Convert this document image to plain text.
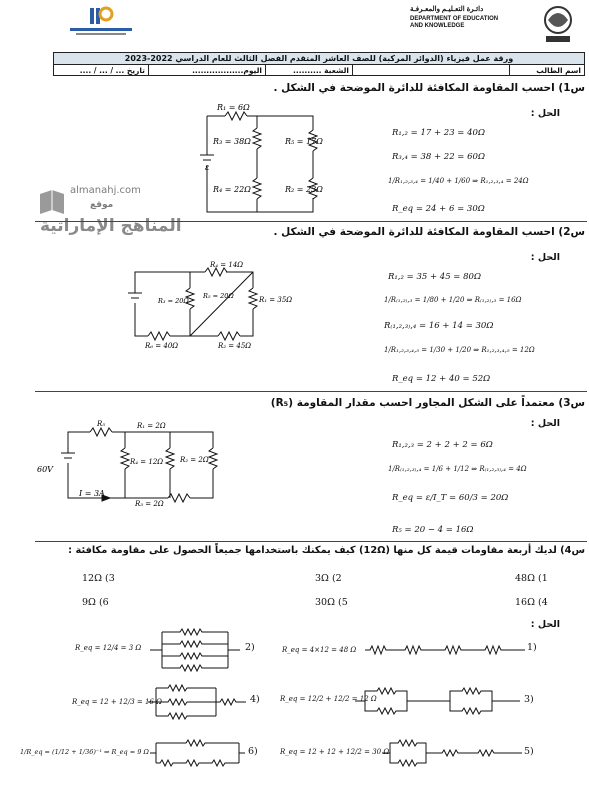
دائـرة التعـليـم والمعـرفـة
DEPARTMENT OF EDUCATION
AND KNOWLEDGE
ورقة عمل فيزياء (الدوائر المركبة) للصف العاشر المتقدم الفصل الثالث للعام الدراسي 2022-2023
اسم الطالب		الشعبة ..........	اليوم..................	تاريخ ... / ... / ....
almanahj.com
موقع
المناهج الإماراتية
س1) احسب المقاومة المكافئة للدائرة الموضحة في الشكل .
الحل :
ε
R₁ = 6Ω
R₃ = 38Ω
R₄ = 22Ω
R₅ = 17Ω
R₂ = 23Ω
R₁,₂ = 17 + 23 = 40Ω
R₃,₄ = 38 + 22 = 60Ω
1/R₁,₂,₃,₄ = 1/40 + 1/60 ⇒ R₁,₂,₃,₄ = 24Ω
R_eq = 24 + 6 = 30Ω
س2) احسب المقاومة المكافئة للدائرة الموضحة في الشكل .
الحل :
R₄ = 14Ω
R₅ = 20Ω
R₃ = 20Ω	R₁ = 35Ω
R₆ = 40Ω	R₂ = 45Ω
R₁,₂ = 35 + 45 = 80Ω
1/R₍₁,₂₎,₃ = 1/80 + 1/20 ⇒ R₍₁,₂₎,₃ = 16Ω
R₍₁,₂,₃₎,₄ = 16 + 14 = 30Ω
1/R₁,₂,₃,₄,₅ = 1/30 + 1/20 ⇒ R₁,₂,₃,₄,₅ = 12Ω
R_eq = 12 + 40 = 52Ω
س3) معتمداً على الشكل المجاور احسب مقدار المقاومة (R₅)
الحل :
R₅	R₁ = 2Ω
R₄ = 12Ω R₂ = 2Ω
R₃ = 2Ω
60V
I = 3A
R₁,₂,₃ = 2 + 2 + 2 = 6Ω
1/R₍₁,₂,₃₎,₄ = 1/6 + 1/12 ⇒ R₍₁,₂,₃₎,₄ = 4Ω
R_eq = ε/I_T = 60/3 = 20Ω
R₅ = 20 − 4 = 16Ω
س4) لديك أربعة مقاومات قيمة كل منها (12Ω) كيف يمكنك باستخدامها جميعاً الحصول على مقاومة مكافئة :
48Ω (1
3Ω (2
12Ω (3
16Ω (4
30Ω (5
9Ω (6
الحل :
R_eq = 4×12 = 48 Ω	(1
R_eq = 12/4 = 3 Ω	(2
R_eq = 12/2 + 12/2 = 12 Ω	(3
R_eq = 12 + 12/3 = 16 Ω	(4
R_eq = 12 + 12 + 12/2 = 30 Ω	(5
1/R_eq = (1/12 + 1/36)⁻¹ ⇒ R_eq = 9 Ω	(6
